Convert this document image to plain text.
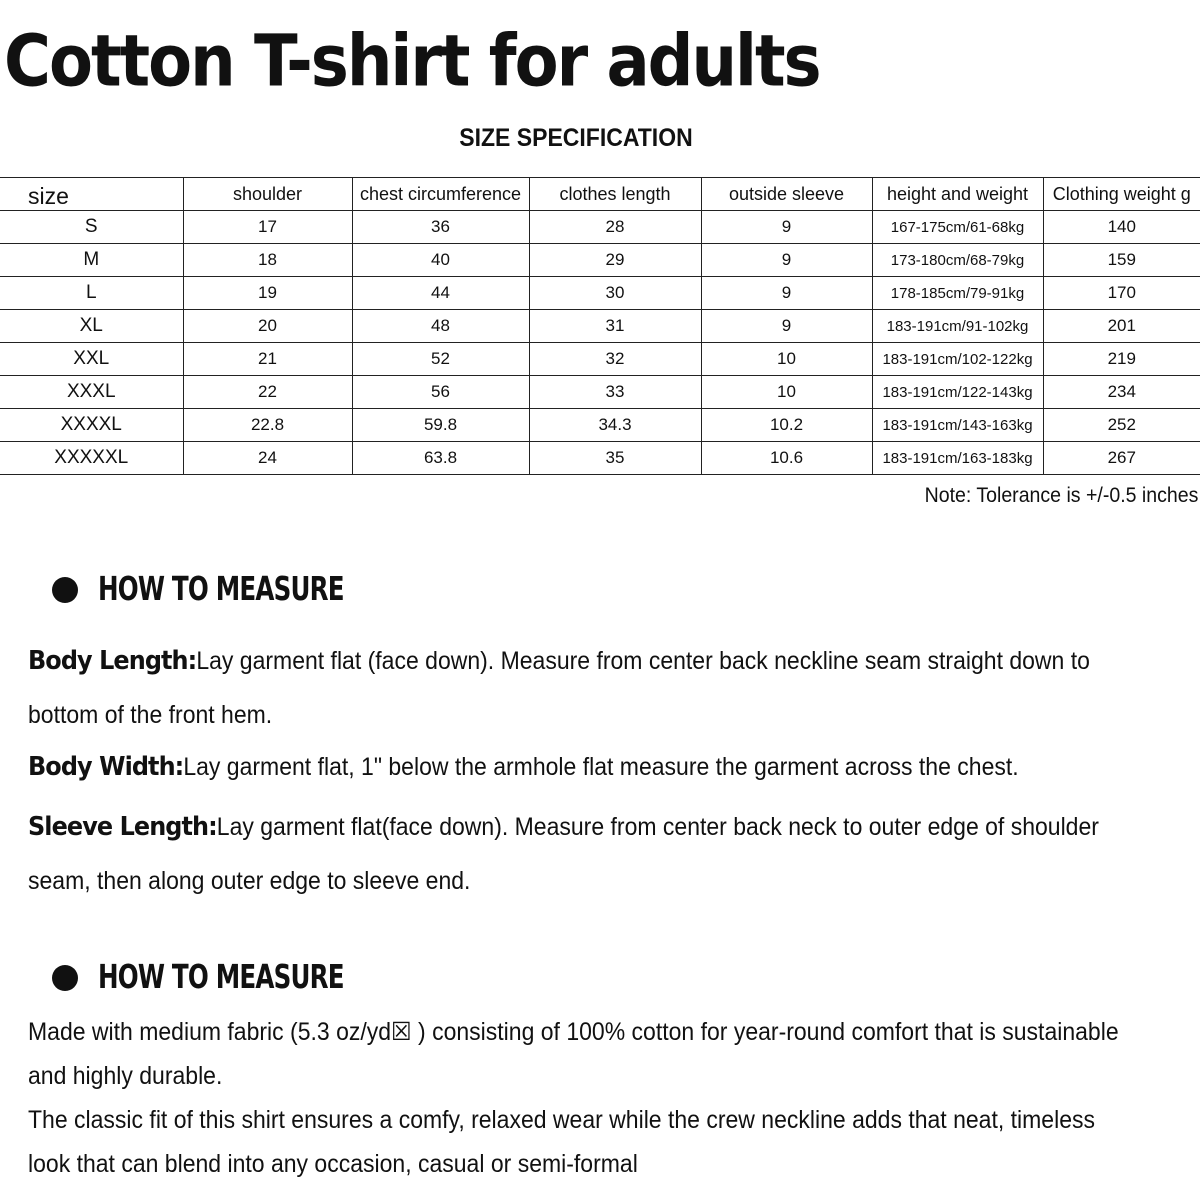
Cotton T-shirt for adults
SIZE SPECIFICATION
size	shoulder	chest circumference	clothes length	outside sleeve	height and weight	Clothing weight g
S	17	36	28	9	167-175cm/61-68kg	140
M	18	40	29	9	173-180cm/68-79kg	159
L	19	44	30	9	178-185cm/79-91kg	170
XL	20	48	31	9	183-191cm/91-102kg	201
XXL	21	52	32	10	183-191cm/102-122kg	219
XXXL	22	56	33	10	183-191cm/122-143kg	234
XXXXL	22.8	59.8	34.3	10.2	183-191cm/143-163kg	252
XXXXXL	24	63.8	35	10.6	183-191cm/163-183kg	267
Note: Tolerance is +/-0.5 inches
HOW TO MEASURE

Body Length:Lay garment flat (face down). Measure from center back neckline seam straight down to bottom of the front hem.

Body Width:Lay garment flat, 1" below the armhole flat measure the garment across the chest.

Sleeve Length:Lay garment flat(face down). Measure from center back neck to outer edge of shoulder seam, then along outer edge to sleeve end.

HOW TO MEASURE

Made with medium fabric (5.3 oz/yd☒ ) consisting of 100% cotton for year-round comfort that is sustainable and highly durable.

The classic fit of this shirt ensures a comfy, relaxed wear while the crew neckline adds that neat, timeless look that can blend into any occasion, casual or semi-formal
